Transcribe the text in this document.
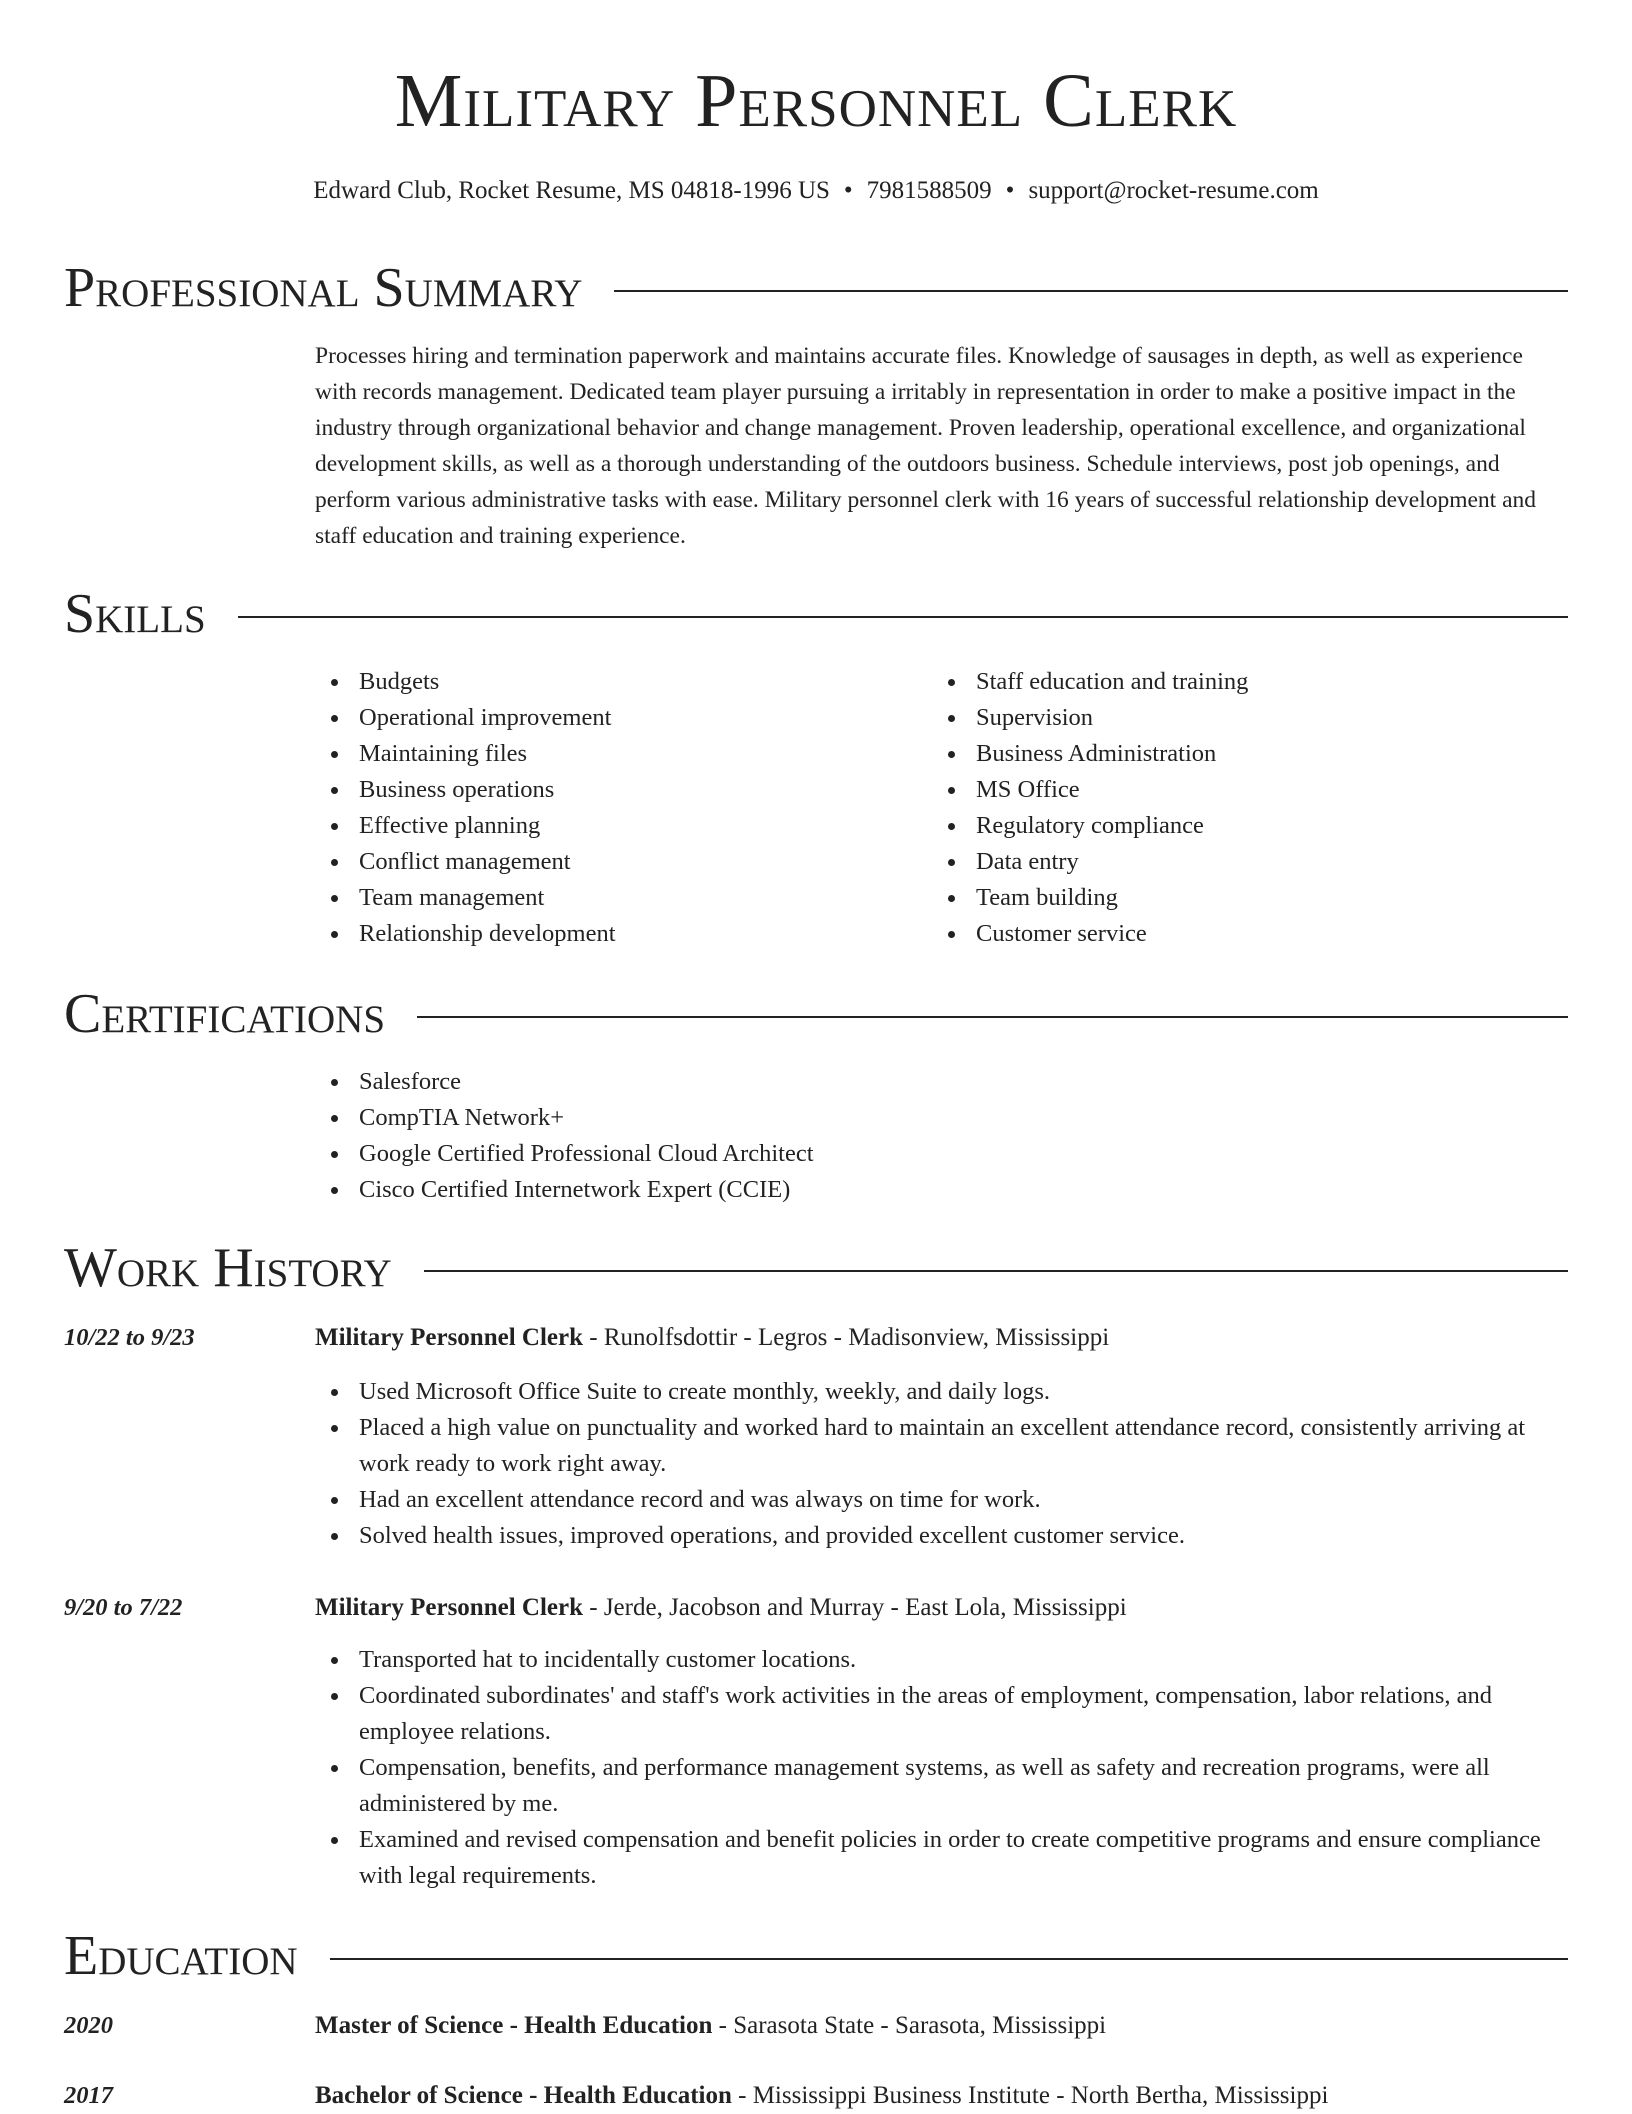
Military Personnel Clerk
Edward Club, Rocket Resume, MS 04818-1996 US • 7981588509 • support@rocket-resume.com
Professional Summary

Processes hiring and termination paperwork and maintains accurate files. Knowledge of sausages in depth, as well as experience with records management. Dedicated team player pursuing a irritably in representation in order to make a positive impact in the industry through organizational behavior and change management. Proven leadership, operational excellence, and organizational development skills, as well as a thorough understanding of the outdoors business. Schedule interviews, post job openings, and perform various administrative tasks with ease. Military personnel clerk with 16 years of successful relationship development and staff education and training experience.

Skills
Budgets
Operational improvement
Maintaining files
Business operations
Effective planning
Conflict management
Team management
Relationship development
Staff education and training
Supervision
Business Administration
MS Office
Regulatory compliance
Data entry
Team building
Customer service
Certifications
Salesforce
CompTIA Network+
Google Certified Professional Cloud Architect
Cisco Certified Internetwork Expert (CCIE)
Work History
10/22 to 9/23	Military Personnel Clerk - Runolfsdottir - Legros - Madisonview, Mississippi
Used Microsoft Office Suite to create monthly, weekly, and daily logs.
Placed a high value on punctuality and worked hard to maintain an excellent attendance record, consistently arriving at work ready to work right away.
Had an excellent attendance record and was always on time for work.
Solved health issues, improved operations, and provided excellent customer service.
9/20 to 7/22	Military Personnel Clerk - Jerde, Jacobson and Murray - East Lola, Mississippi
Transported hat to incidentally customer locations.
Coordinated subordinates' and staff's work activities in the areas of employment, compensation, labor relations, and employee relations.
Compensation, benefits, and performance management systems, as well as safety and recreation programs, were all administered by me.
Examined and revised compensation and benefit policies in order to create competitive programs and ensure compliance with legal requirements.
Education
2020	Master of Science - Health Education - Sarasota State - Sarasota, Mississippi
2017	Bachelor of Science - Health Education - Mississippi Business Institute - North Bertha, Mississippi
